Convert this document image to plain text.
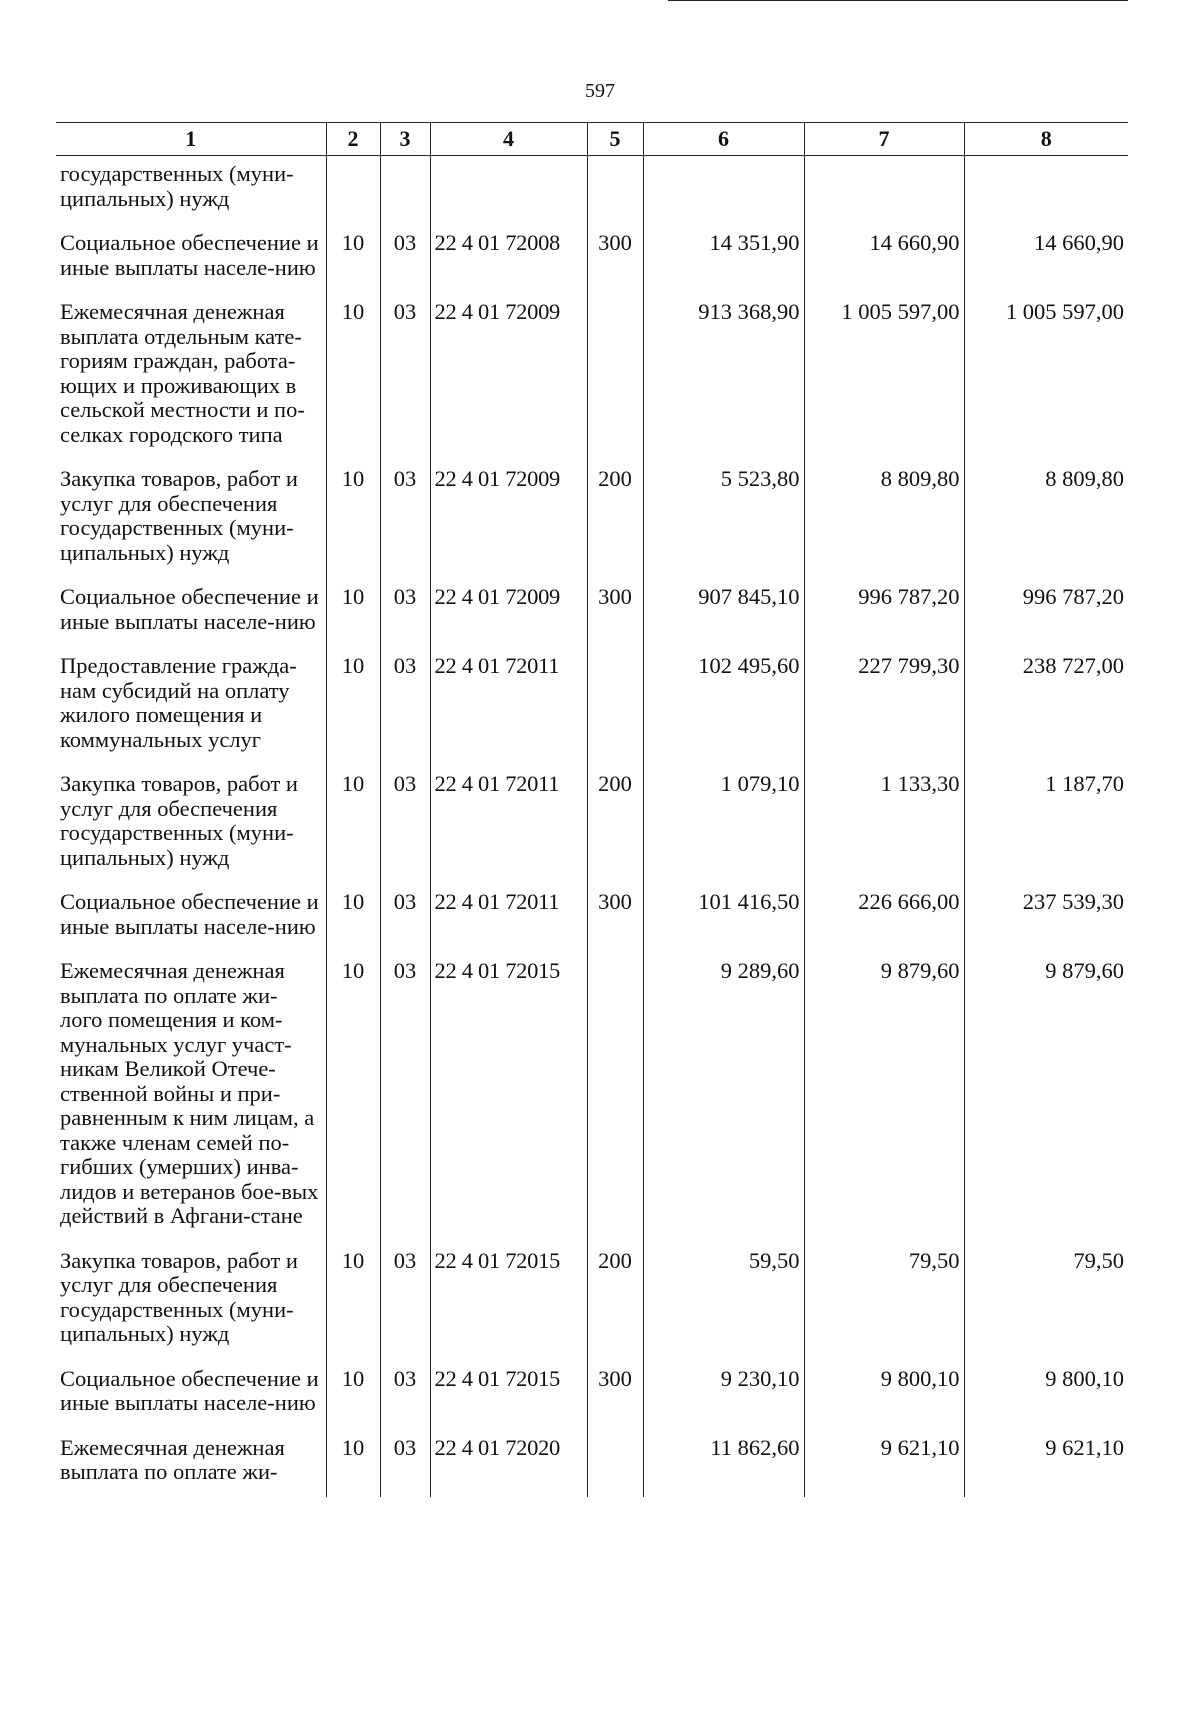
597
1	2	3	4	5	6	7	8
государственных (муни-ципальных) нужд							
Социальное обеспечение и иные выплаты населе-нию	10	03	22 4 01 72008	300	14 351,90	14 660,90	14 660,90
Ежемесячная денежная выплата отдельным кате-гориям граждан, работа-ющих и проживающих в сельской местности и по-селках городского типа	10	03	22 4 01 72009		913 368,90	1 005 597,00	1 005 597,00
Закупка товаров, работ и услуг для обеспечения государственных (муни-ципальных) нужд	10	03	22 4 01 72009	200	5 523,80	8 809,80	8 809,80
Социальное обеспечение и иные выплаты населе-нию	10	03	22 4 01 72009	300	907 845,10	996 787,20	996 787,20
Предоставление гражда-нам субсидий на оплату жилого помещения и коммунальных услуг	10	03	22 4 01 72011		102 495,60	227 799,30	238 727,00
Закупка товаров, работ и услуг для обеспечения государственных (муни-ципальных) нужд	10	03	22 4 01 72011	200	1 079,10	1 133,30	1 187,70
Социальное обеспечение и иные выплаты населе-нию	10	03	22 4 01 72011	300	101 416,50	226 666,00	237 539,30
Ежемесячная денежная выплата по оплате жи-лого помещения и ком-мунальных услуг участ-никам Великой Отече-ственной войны и при-равненным к ним лицам, а также членам семей по-гибших (умерших) инва-лидов и ветеранов бое-вых действий в Афгани-стане	10	03	22 4 01 72015		9 289,60	9 879,60	9 879,60
Закупка товаров, работ и услуг для обеспечения государственных (муни-ципальных) нужд	10	03	22 4 01 72015	200	59,50	79,50	79,50
Социальное обеспечение и иные выплаты населе-нию	10	03	22 4 01 72015	300	9 230,10	9 800,10	9 800,10
Ежемесячная денежная выплата по оплате жи-	10	03	22 4 01 72020		11 862,60	9 621,10	9 621,10
